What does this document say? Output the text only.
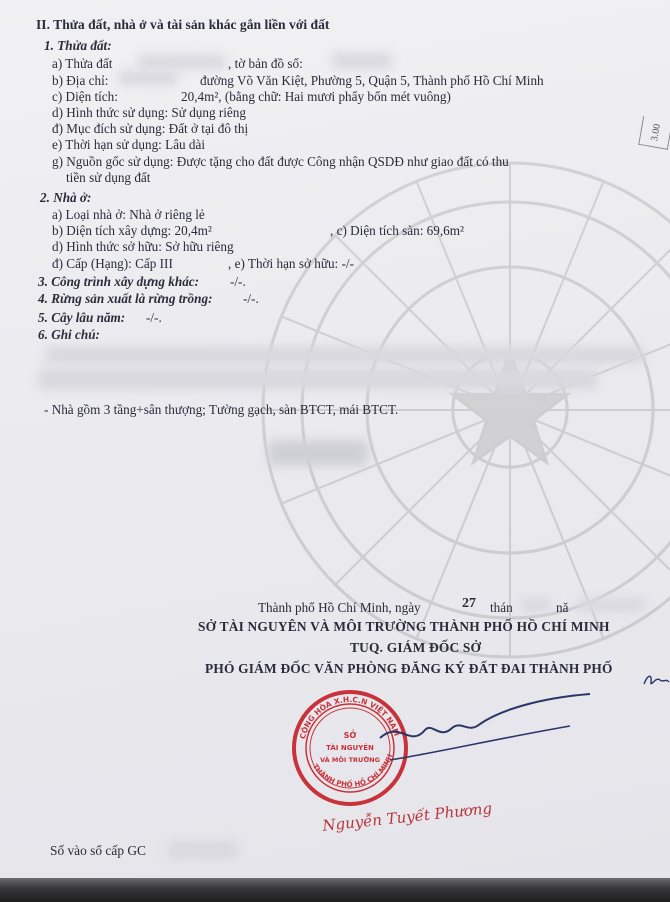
3.00
II. Thửa đất, nhà ở và tài sản khác gắn liền với đất
1. Thửa đất:
a) Thửa đất	, tờ bản đồ số:
b) Địa chỉ:	đường Võ Văn Kiệt, Phường 5, Quận 5, Thành phố Hồ Chí Minh
c) Diện tích:	20,4m², (bằng chữ: Hai mươi phẩy bốn mét vuông)
d) Hình thức sử dụng: Sử dụng riêng
đ) Mục đích sử dụng: Đất ở tại đô thị
e) Thời hạn sử dụng: Lâu dài
g) Nguồn gốc sử dụng: Được tặng cho đất được Công nhận QSDĐ như giao đất có thu
tiền sử dụng đất
2. Nhà ở:
a) Loại nhà ở: Nhà ở riêng lẻ
b) Diện tích xây dựng: 20,4m²	, c) Diện tích sàn: 69,6m²
d) Hình thức sở hữu: Sở hữu riêng
đ) Cấp (Hạng): Cấp III	, e) Thời hạn sở hữu: -/-
3. Công trình xây dựng khác: -/-.
4. Rừng sản xuất là rừng trồng: -/-.
5. Cây lâu năm: -/-.
6. Ghi chú:
- Nhà gồm 3 tầng+sân thượng; Tường gạch, sàn BTCT, mái BTCT.
Thành phố Hồ Chí Minh, ngày	27 thán	nă
SỞ TÀI NGUYÊN VÀ MÔI TRƯỜNG THÀNH PHỐ HỒ CHÍ MINH
TUQ. GIÁM ĐỐC SỞ
PHÓ GIÁM ĐỐC VĂN PHÒNG ĐĂNG KÝ ĐẤT ĐAI THÀNH PHỐ
CỘNG HÒA X.H.C.N VIỆT NAM
THÀNH PHỐ HỒ CHÍ MINH
SỞ
TÀI NGUYÊN
VÀ MÔI TRƯỜNG
Nguyễn Tuyết Phương
Số vào sổ cấp GC
